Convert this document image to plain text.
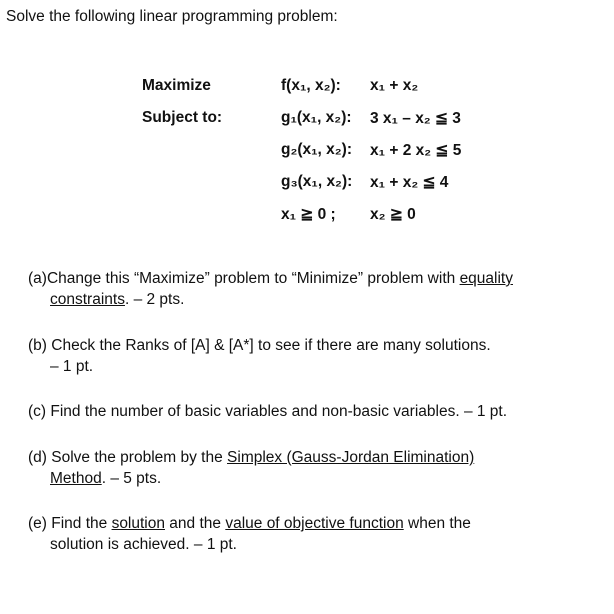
Solve the following linear programming problem:
Maximize	f(x₁, x₂): x₁ + x₂
Subject to:	g₁(x₁, x₂): 3 x₁ – x₂ ≦ 3
g₂(x₁, x₂): x₁ + 2 x₂ ≦ 5
g₃(x₁, x₂): x₁ + x₂ ≦ 4
x₁ ≧ 0 ; x₂ ≧ 0
(a)Change this “Maximize” problem to “Minimize” problem with equality
constraints. – 2 pts.
(b) Check the Ranks of [A] & [A*] to see if there are many solutions.
– 1 pt.
(c) Find the number of basic variables and non-basic variables. – 1 pt.
(d) Solve the problem by the Simplex (Gauss-Jordan Elimination)
Method. – 5 pts.
(e) Find the solution and the value of objective function when the
solution is achieved. – 1 pt.
